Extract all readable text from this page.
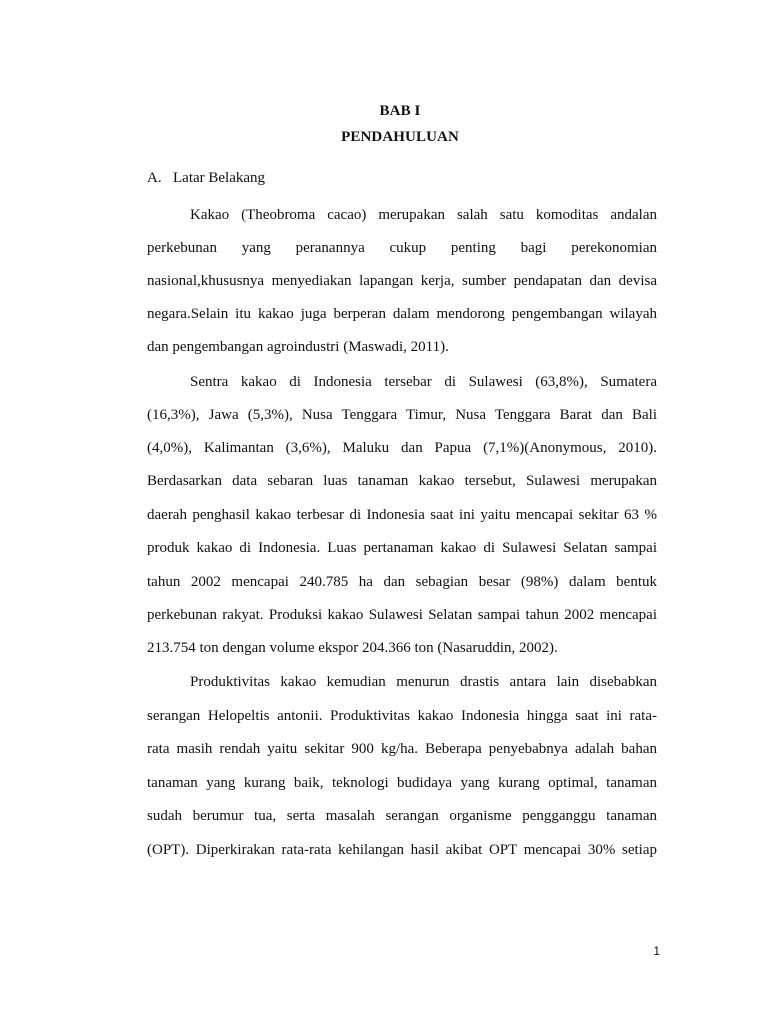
BAB I
PENDAHULUAN
A. Latar Belakang
Kakao (Theobroma cacao) merupakan salah satu komoditas andalan
perkebunan yang peranannya cukup penting bagi perekonomian
nasional,khususnya menyediakan lapangan kerja, sumber pendapatan dan devisa
negara.Selain itu kakao juga berperan dalam mendorong pengembangan wilayah
dan pengembangan agroindustri (Maswadi, 2011).
Sentra kakao di Indonesia tersebar di Sulawesi (63,8%), Sumatera
(16,3%), Jawa (5,3%), Nusa Tenggara Timur, Nusa Tenggara Barat dan Bali
(4,0%), Kalimantan (3,6%), Maluku dan Papua (7,1%)(Anonymous, 2010).
Berdasarkan data sebaran luas tanaman kakao tersebut, Sulawesi merupakan
daerah penghasil kakao terbesar di Indonesia saat ini yaitu mencapai sekitar 63 %
produk kakao di Indonesia. Luas pertanaman kakao di Sulawesi Selatan sampai
tahun 2002 mencapai 240.785 ha dan sebagian besar (98%) dalam bentuk
perkebunan rakyat. Produksi kakao Sulawesi Selatan sampai tahun 2002 mencapai
213.754 ton dengan volume ekspor 204.366 ton (Nasaruddin, 2002).
Produktivitas kakao kemudian menurun drastis antara lain disebabkan
serangan Helopeltis antonii. Produktivitas kakao Indonesia hingga saat ini rata-
rata masih rendah yaitu sekitar 900 kg/ha. Beberapa penyebabnya adalah bahan
tanaman yang kurang baik, teknologi budidaya yang kurang optimal, tanaman
sudah berumur tua, serta masalah serangan organisme pengganggu tanaman
(OPT). Diperkirakan rata-rata kehilangan hasil akibat OPT mencapai 30% setiap
1
